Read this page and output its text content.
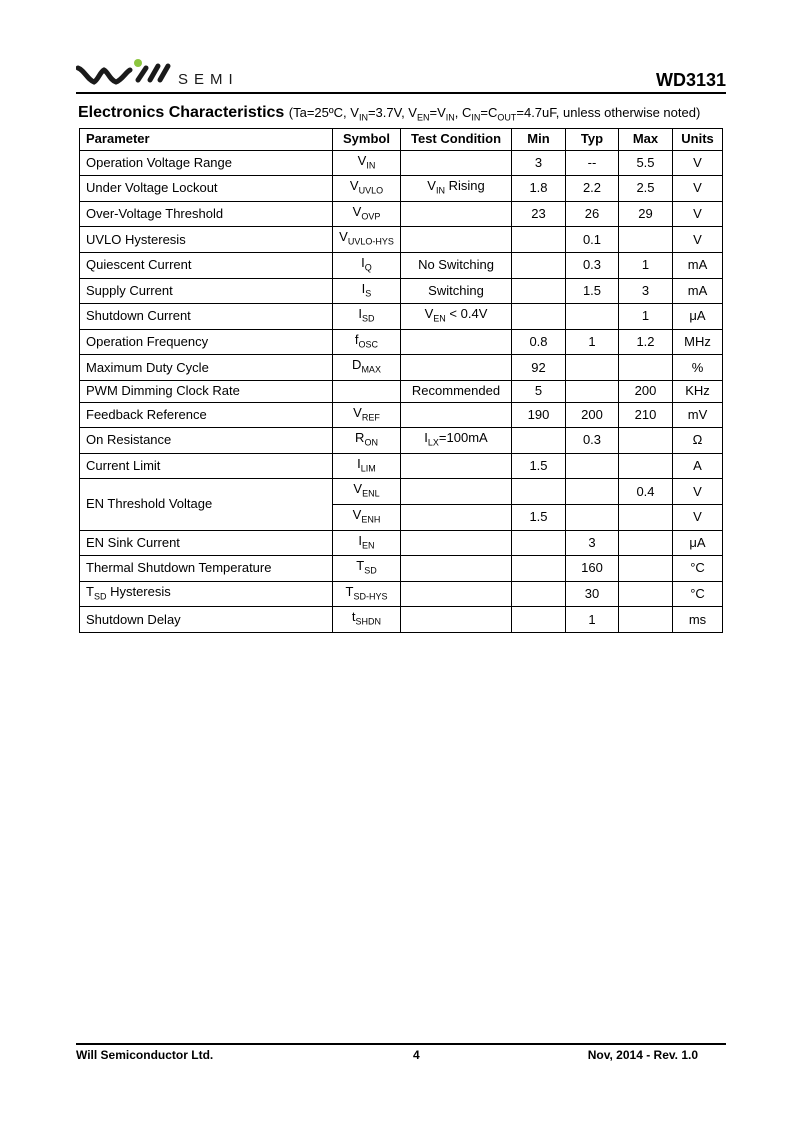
SEMI	WD3131
Electronics Characteristics (Ta=25ºC, $V_{IN}=3.7V$, $V_{EN}=V_{IN}$, $C_{IN}=C_{OUT}=4.7uF$, unless otherwise noted)
Parameter	Symbol	Test Condition	Min	Typ	Max	Units
Operation Voltage Range	$V_{IN}$		3	--	5.5	V
Under Voltage Lockout	$V_{UVLO}$	$V_{IN}$ Rising	1.8	2.2	2.5	V
Over-Voltage Threshold	$V_{OVP}$		23	26	29	V
UVLO Hysteresis	$V_{UVLO-HYS}$			0.1		V
Quiescent Current	$I_Q$	No Switching		0.3	1	mA
Supply Current	$I_S$	Switching		1.5	3	mA
Shutdown Current	$I_{SD}$	$V_{EN} < 0.4V$			1	μA
Operation Frequency	$f_{OSC}$		0.8	1	1.2	MHz
Maximum Duty Cycle	$D_{MAX}$		92			%
PWM Dimming Clock Rate		Recommended	5		200	KHz
Feedback Reference	$V_{REF}$		190	200	210	mV
On Resistance	$R_{ON}$	$I_{LX}=100mA$		0.3		Ω
Current Limit	$I_{LIM}$		1.5			A
EN Threshold Voltage	$V_{ENL}$				0.4	V
	$V_{ENH}$		1.5			V
EN Sink Current	$I_{EN}$			3		μA
Thermal Shutdown Temperature	$T_{SD}$			160		°C
$T_{SD}$ Hysteresis	$T_{SD-HYS}$			30		°C
Shutdown Delay	$t_{SHDN}$			1		ms
Will Semiconductor Ltd.	4	Nov, 2014 - Rev. 1.0
